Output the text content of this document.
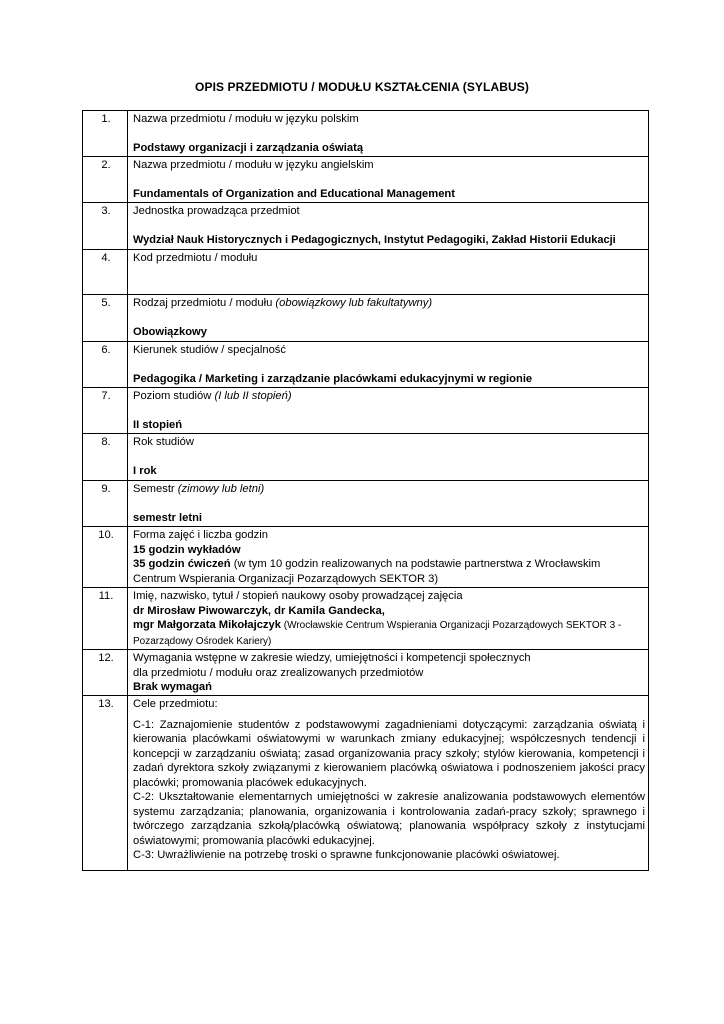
OPIS PRZEDMIOTU / MODUŁU KSZTAŁCENIA (SYLABUS)
1.	Nazwa przedmiotu / modułu w języku polskim
Podstawy organizacji i zarządzania oświatą

2.	Nazwa przedmiotu / modułu w języku angielskim
Fundamentals of Organization and Educational Management

3.	Jednostka prowadząca przedmiot
Wydział Nauk Historycznych i Pedagogicznych, Instytut Pedagogiki, Zakład Historii Edukacji

4.	Kod przedmiotu / modułu

5.	Rodzaj przedmiotu / modułu (obowiązkowy lub fakultatywny)
Obowiązkowy

6.	Kierunek studiów / specjalność
Pedagogika / Marketing i zarządzanie placówkami edukacyjnymi w regionie

7.	Poziom studiów (I lub II stopień)
II stopień

8.	Rok studiów
I rok

9.	Semestr (zimowy lub letni)
semestr letni

10.	Forma zajęć i liczba godzin
15 godzin wykładów
35 godzin ćwiczeń (w tym 10 godzin realizowanych na podstawie partnerstwa z Wrocławskim Centrum Wspierania Organizacji Pozarządowych SEKTOR 3)

11.	Imię, nazwisko, tytuł / stopień naukowy osoby prowadzącej zajęcia
dr Mirosław Piwowarczyk, dr Kamila Gandecka,
mgr Małgorzata Mikołajczyk (Wrocławskie Centrum Wspierania Organizacji Pozarządowych SEKTOR 3 - Pozarządowy Ośrodek Kariery)

12.	Wymagania wstępne w zakresie wiedzy, umiejętności i kompetencji społecznych
dla przedmiotu / modułu oraz zrealizowanych przedmiotów
Brak wymagań

13.	Cele przedmiotu:

C-1: Zaznajomienie studentów z podstawowymi zagadnieniami dotyczącymi: zarządzania oświatą i kierowania placówkami oświatowymi w warunkach zmiany edukacyjnej; współczesnych tendencji i koncepcji w zarządzaniu oświatą; zasad organizowania pracy szkoły; stylów kierowania, kompetencji i zadań dyrektora szkoły związanymi z kierowaniem placówką oświatowa i podnoszeniem jakości pracy placówki; promowania placówek edukacyjnych.

C-2: Ukształtowanie elementarnych umiejętności w zakresie analizowania podstawowych elementów systemu zarządzania; planowania, organizowania i kontrolowania zadań-pracy szkoły; sprawnego i twórczego zarządzania szkołą/placówką oświatową; planowania współpracy szkoły z instytucjami oświatowymi; promowania placówki edukacyjnej.

C-3: Uwrażliwienie na potrzebę troski o sprawne funkcjonowanie placówki oświatowej.
